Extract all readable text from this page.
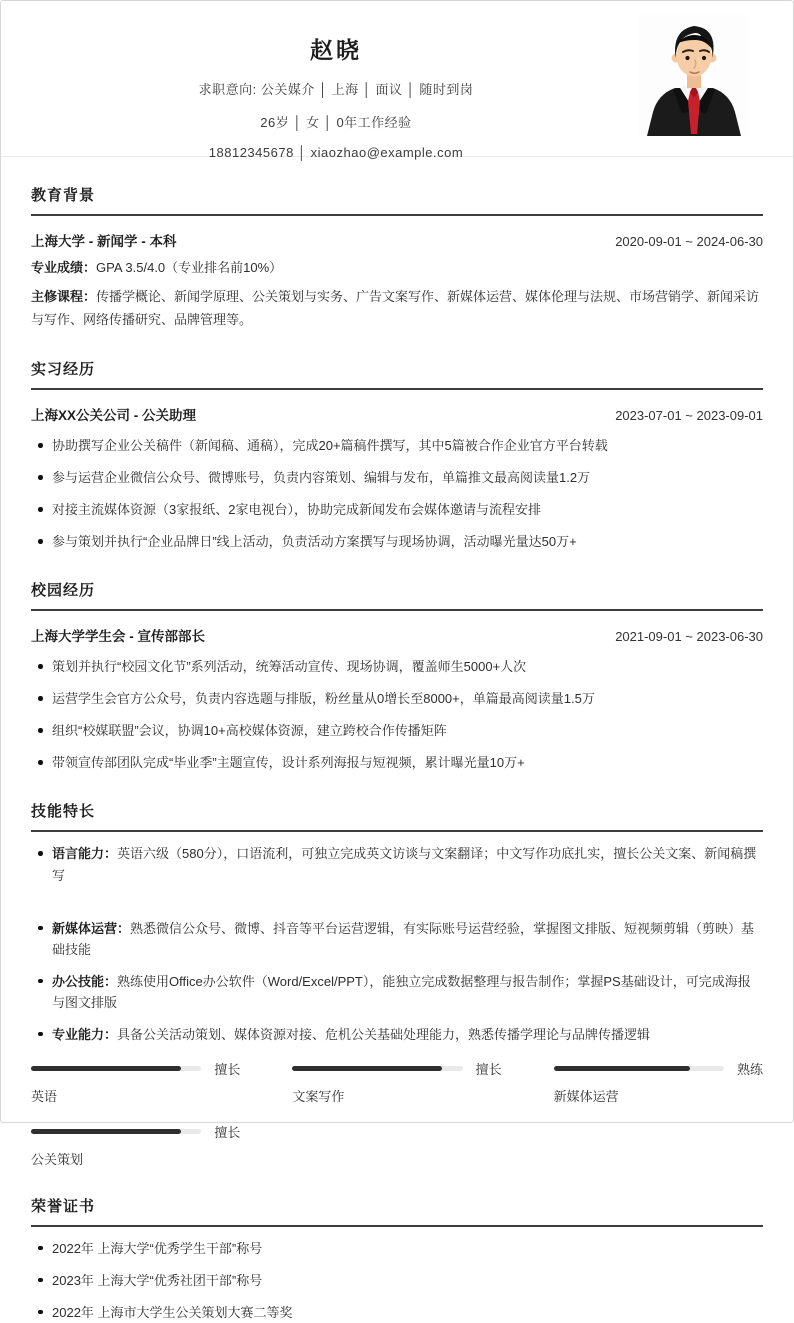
赵晓
求职意向: 公关媒介 │ 上海 │ 面议 │ 随时到岗
26岁 │ 女 │ 0年工作经验
18812345678 │ xiaozhao@example.com
教育背景
上海大学 - 新闻学 - 本科	2020-09-01 ~ 2024-06-30
专业成绩：GPA 3.5/4.0（专业排名前10%）
主修课程：传播学概论、新闻学原理、公关策划与实务、广告文案写作、新媒体运营、媒体伦理与法规、市场营销学、新闻采访与写作、网络传播研究、品牌管理等。
实习经历
上海XX公关公司 - 公关助理	2023-07-01 ~ 2023-09-01
协助撰写企业公关稿件（新闻稿、通稿），完成20+篇稿件撰写，其中5篇被合作企业官方平台转载
参与运营企业微信公众号、微博账号，负责内容策划、编辑与发布，单篇推文最高阅读量1.2万
对接主流媒体资源（3家报纸、2家电视台），协助完成新闻发布会媒体邀请与流程安排
参与策划并执行“企业品牌日”线上活动，负责活动方案撰写与现场协调，活动曝光量达50万+
校园经历
上海大学学生会 - 宣传部部长	2021-09-01 ~ 2023-06-30
策划并执行“校园文化节”系列活动，统筹活动宣传、现场协调，覆盖师生5000+人次
运营学生会官方公众号，负责内容选题与排版，粉丝量从0增长至8000+，单篇最高阅读量1.5万
组织“校媒联盟”会议，协调10+高校媒体资源，建立跨校合作传播矩阵
带领宣传部团队完成“毕业季”主题宣传，设计系列海报与短视频，累计曝光量10万+
技能特长
语言能力：英语六级（580分），口语流利，可独立完成英文访谈与文案翻译；中文写作功底扎实，擅长公关文案、新闻稿撰写
新媒体运营：熟悉微信公众号、微博、抖音等平台运营逻辑，有实际账号运营经验，掌握图文排版、短视频剪辑（剪映）基础技能
办公技能：熟练使用Office办公软件（Word/Excel/PPT），能独立完成数据整理与报告制作；掌握PS基础设计，可完成海报与图文排版
专业能力：具备公关活动策划、媒体资源对接、危机公关基础处理能力，熟悉传播学理论与品牌传播逻辑
擅长
英语
擅长
文案写作
熟练
新媒体运营
擅长
公关策划
荣誉证书
2022年 上海大学“优秀学生干部”称号
2023年 上海大学“优秀社团干部”称号
2022年 上海市大学生公关策划大赛二等奖
